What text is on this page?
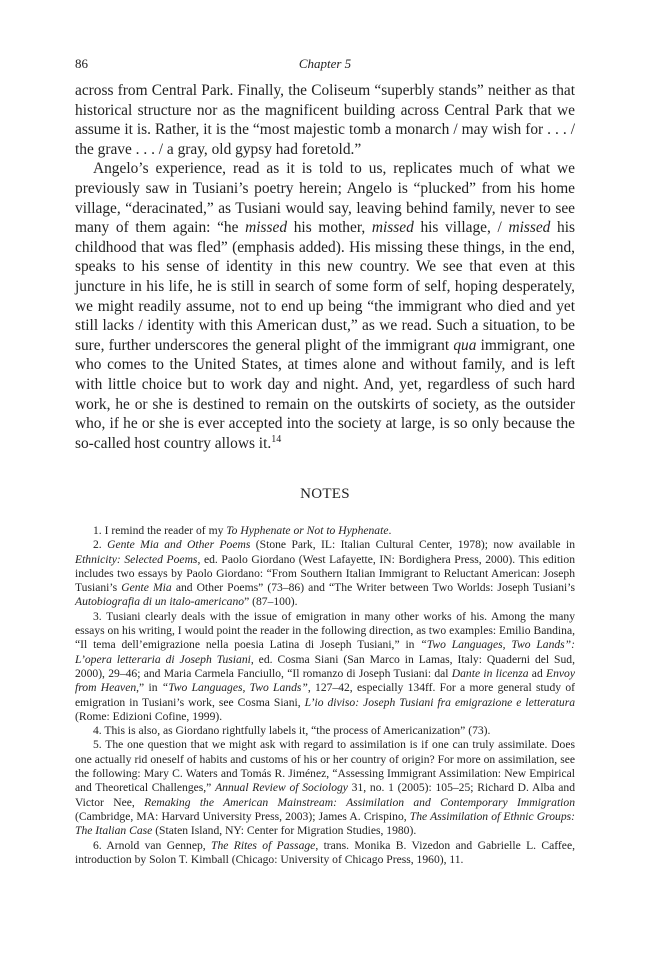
86	Chapter 5

across from Central Park. Finally, the Coliseum “superbly stands” neither as that historical structure nor as the magnificent building across Central Park that we assume it is. Rather, it is the “most majestic tomb a monarch / may wish for . . . / the grave . . . / a gray, old gypsy had foretold.”

Angelo’s experience, read as it is told to us, replicates much of what we previously saw in Tusiani’s poetry herein; Angelo is “plucked” from his home village, “deracinated,” as Tusiani would say, leaving behind family, never to see many of them again: “he missed his mother, missed his village, / missed his childhood that was fled” (emphasis added). His missing these things, in the end, speaks to his sense of identity in this new country. We see that even at this juncture in his life, he is still in search of some form of self, hoping desperately, we might readily assume, not to end up being “the immigrant who died and yet still lacks / identity with this American dust,” as we read. Such a situation, to be sure, further underscores the general plight of the immigrant qua immigrant, one who comes to the United States, at times alone and without family, and is left with little choice but to work day and night. And, yet, regardless of such hard work, he or she is destined to remain on the outskirts of society, as the outsider who, if he or she is ever accepted into the society at large, is so only because the so-called host country allows it.$^{14}$

NOTES

1. I remind the reader of my To Hyphenate or Not to Hyphenate.

2. Gente Mia and Other Poems (Stone Park, IL: Italian Cultural Center, 1978); now available in Ethnicity: Selected Poems, ed. Paolo Giordano (West Lafayette, IN: Bordighera Press, 2000). This edition includes two essays by Paolo Giordano: “From Southern Italian Immigrant to Reluctant American: Joseph Tusiani’s Gente Mia and Other Poems” (73–86) and “The Writer between Two Worlds: Joseph Tusiani’s Autobiografia di un italo-americano” (87–100).

3. Tusiani clearly deals with the issue of emigration in many other works of his. Among the many essays on his writing, I would point the reader in the following direction, as two examples: Emilio Bandina, “Il tema dell’emigrazione nella poesia Latina di Joseph Tusiani,” in “Two Languages, Two Lands”: L’opera letteraria di Joseph Tusiani, ed. Cosma Siani (San Marco in Lamas, Italy: Quaderni del Sud, 2000), 29–46; and Maria Carmela Fanciullo, “Il romanzo di Joseph Tusiani: dal Dante in licenza ad Envoy from Heaven,” in “Two Languages, Two Lands”, 127–42, especially 134ff. For a more general study of emigration in Tusiani’s work, see Cosma Siani, L’io diviso: Joseph Tusiani fra emigrazione e letteratura (Rome: Edizioni Cofine, 1999).

4. This is also, as Giordano rightfully labels it, “the process of Americanization” (73).

5. The one question that we might ask with regard to assimilation is if one can truly assimilate. Does one actually rid oneself of habits and customs of his or her country of origin? For more on assimilation, see the following: Mary C. Waters and Tomás R. Jiménez, “Assessing Immigrant Assimilation: New Empirical and Theoretical Challenges,” Annual Review of Sociology 31, no. 1 (2005): 105–25; Richard D. Alba and Victor Nee, Remaking the American Mainstream: Assimilation and Contemporary Immigration (Cambridge, MA: Harvard University Press, 2003); James A. Crispino, The Assimilation of Ethnic Groups: The Italian Case (Staten Island, NY: Center for Migration Studies, 1980).

6. Arnold van Gennep, The Rites of Passage, trans. Monika B. Vizedon and Gabrielle L. Caffee, introduction by Solon T. Kimball (Chicago: University of Chicago Press, 1960), 11.
